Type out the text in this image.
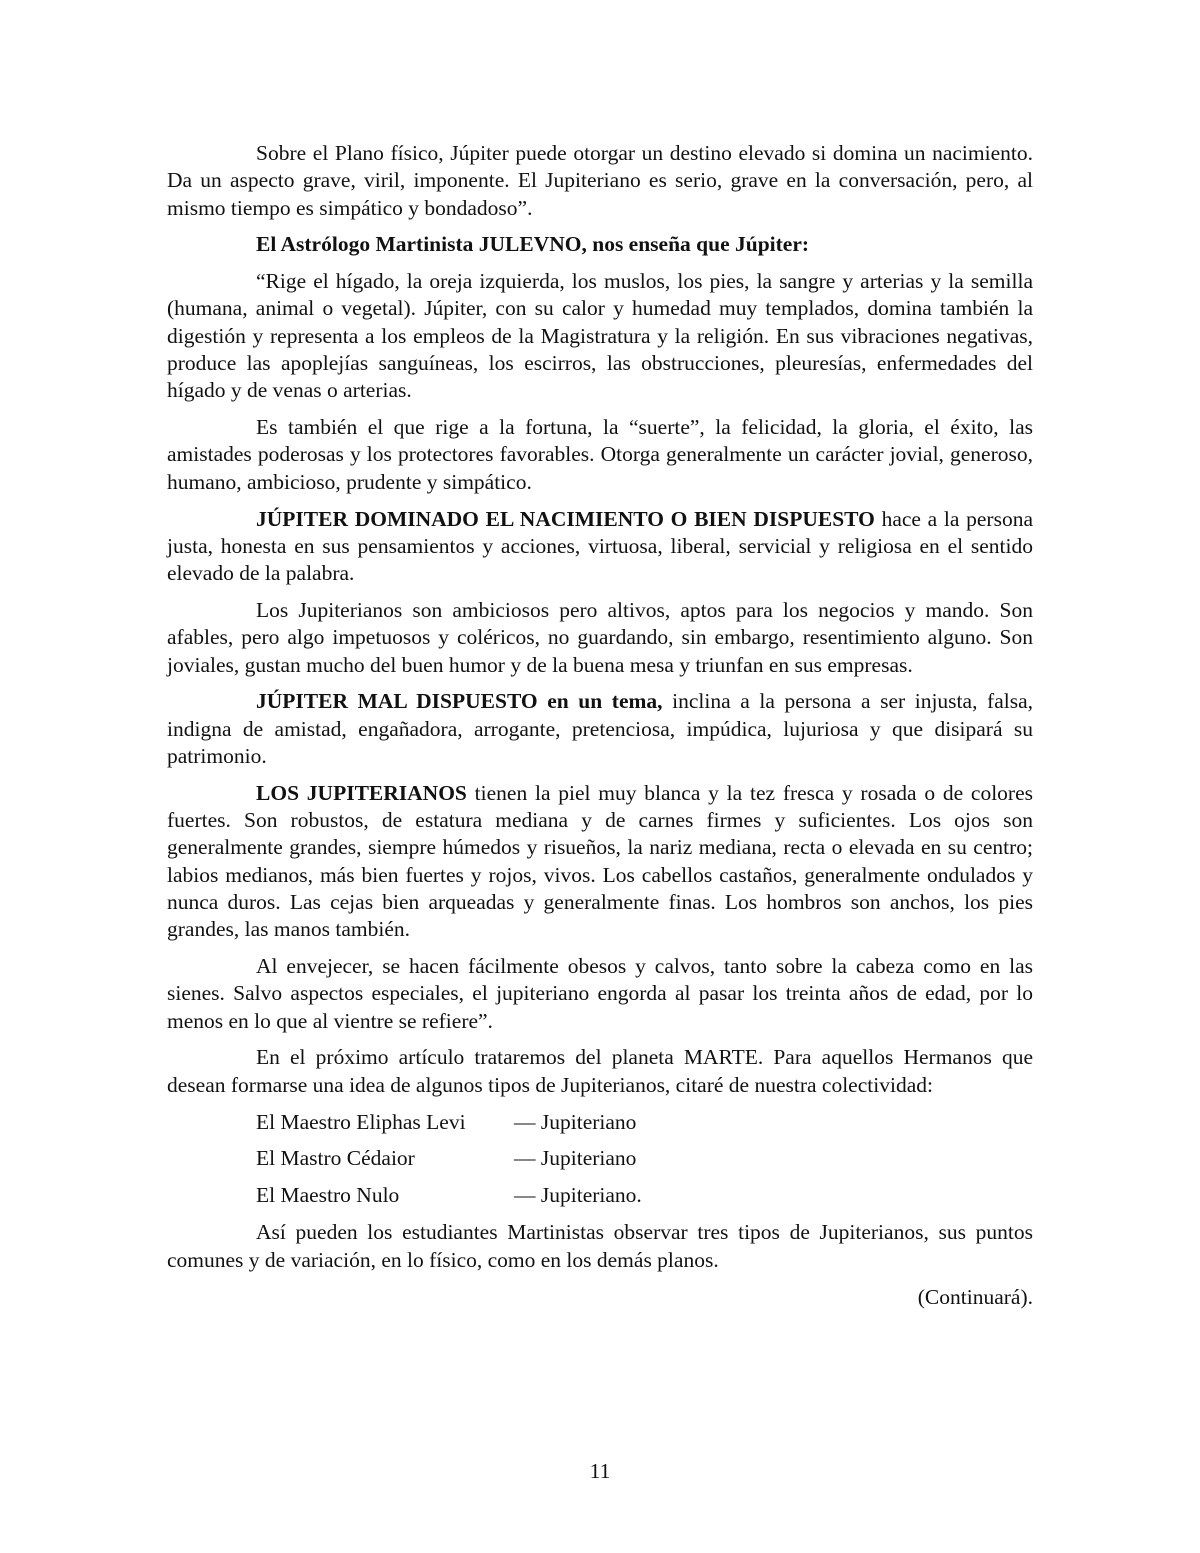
Sobre el Plano físico, Júpiter puede otorgar un destino elevado si domina un nacimiento. Da un aspecto grave, viril, imponente. El Jupiteriano es serio, grave en la conversación, pero, al mismo tiempo es simpático y bondadoso”.

El Astrólogo Martinista JULEVNO, nos enseña que Júpiter:

“Rige el hígado, la oreja izquierda, los muslos, los pies, la sangre y arterias y la semilla (humana, animal o vegetal). Júpiter, con su calor y humedad muy templados, domina también la digestión y representa a los empleos de la Magistratura y la religión. En sus vibraciones negativas, produce las apoplejías sanguíneas, los escirros, las obstrucciones, pleuresías, enfermedades del hígado y de venas o arterias.

Es también el que rige a la fortuna, la “suerte”, la felicidad, la gloria, el éxito, las amistades poderosas y los protectores favorables. Otorga generalmente un carácter jovial, generoso, humano, ambicioso, prudente y simpático.

JÚPITER DOMINADO EL NACIMIENTO O BIEN DISPUESTO hace a la persona justa, honesta en sus pensamientos y acciones, virtuosa, liberal, servicial y religiosa en el sentido elevado de la palabra.

Los Jupiterianos son ambiciosos pero altivos, aptos para los negocios y mando. Son afables, pero algo impetuosos y coléricos, no guardando, sin embargo, resentimiento alguno. Son joviales, gustan mucho del buen humor y de la buena mesa y triunfan en sus empresas.

JÚPITER MAL DISPUESTO en un tema, inclina a la persona a ser injusta, falsa, indigna de amistad, engañadora, arrogante, pretenciosa, impúdica, lujuriosa y que disipará su patrimonio.

LOS JUPITERIANOS tienen la piel muy blanca y la tez fresca y rosada o de colores fuertes. Son robustos, de estatura mediana y de carnes firmes y suficientes. Los ojos son generalmente grandes, siempre húmedos y risueños, la nariz mediana, recta o elevada en su centro; labios medianos, más bien fuertes y rojos, vivos. Los cabellos castaños, generalmente ondulados y nunca duros. Las cejas bien arqueadas y generalmente finas. Los hombros son anchos, los pies grandes, las manos también.

Al envejecer, se hacen fácilmente obesos y calvos, tanto sobre la cabeza como en las sienes. Salvo aspectos especiales, el jupiteriano engorda al pasar los treinta años de edad, por lo menos en lo que al vientre se refiere”.

En el próximo artículo trataremos del planeta MARTE. Para aquellos Hermanos que desean formarse una idea de algunos tipos de Jupiterianos, citaré de nuestra colectividad:

El Maestro Eliphas Levi	— Jupiteriano
El Mastro Cédaior	— Jupiteriano
El Maestro Nulo	— Jupiteriano.

Así pueden los estudiantes Martinistas observar tres tipos de Jupiterianos, sus puntos comunes y de variación, en lo físico, como en los demás planos.

(Continuará).

11
